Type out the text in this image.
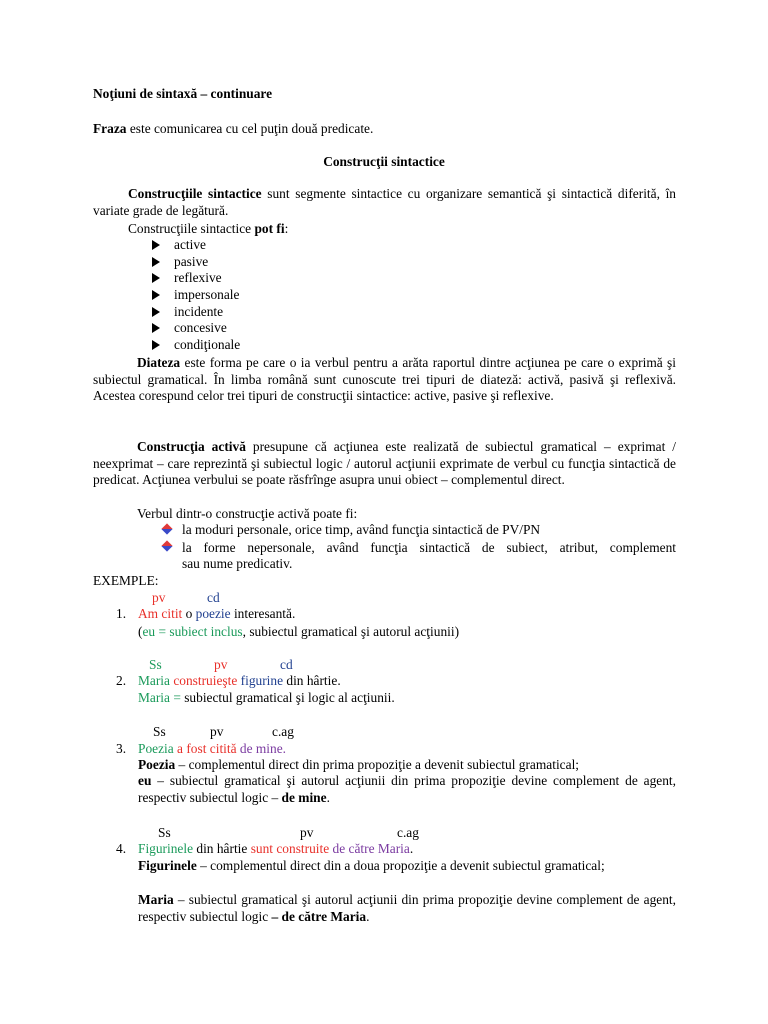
Noţiuni de sintaxă – continuare
Fraza este comunicarea cu cel puţin două predicate.
Construcţii sintactice
Construcţiile sintactice sunt segmente sintactice cu organizare semantică şi sintactică diferită, în variate grade de legătură.
Construcţiile sintactice pot fi:
active
pasive
reflexive
impersonale
incidente
concesive
condiţionale
Diateza este forma pe care o ia verbul pentru a arăta raportul dintre acţiunea pe care o exprimă şi subiectul gramatical. În limba română sunt cunoscute trei tipuri de diateză: activă, pasivă şi reflexivă. Acestea corespund celor trei tipuri de construcţii sintactice: active, pasive şi reflexive.
Construcţia activă presupune că acţiunea este realizată de subiectul gramatical – exprimat / neexprimat – care reprezintă şi subiectul logic / autorul acţiunii exprimate de verbul cu funcţia sintactică de predicat. Acţiunea verbului se poate răsfrînge asupra unui obiect – complementul direct.
Verbul dintr-o construcţie activă poate fi:
la moduri personale, orice timp, având funcţia sintactică de PV/PN
la forme nepersonale, având funcţia sintactică de subiect, atribut, complement
sau nume predicativ.
EXEMPLE:
pv	cd
1. Am citit o poezie interesantă.
(eu = subiect inclus, subiectul gramatical şi autorul acţiunii)
Ss	pv	cd
2. Maria construieşte figurine din hârtie.
Maria = subiectul gramatical şi logic al acţiunii.
Ss	pv	c.ag
3. Poezia a fost citită de mine.
Poezia – complementul direct din prima propoziţie a devenit subiectul gramatical;
eu – subiectul gramatical şi autorul acţiunii din prima propoziţie devine complement de agent, respectiv subiectul logic – de mine.
Ss	pv	c.ag
4. Figurinele din hârtie sunt construite de către Maria.
Figurinele – complementul direct din a doua propoziţie a devenit subiectul gramatical;
Maria – subiectul gramatical şi autorul acţiunii din prima propoziţie devine complement de agent, respectiv subiectul logic – de către Maria.
